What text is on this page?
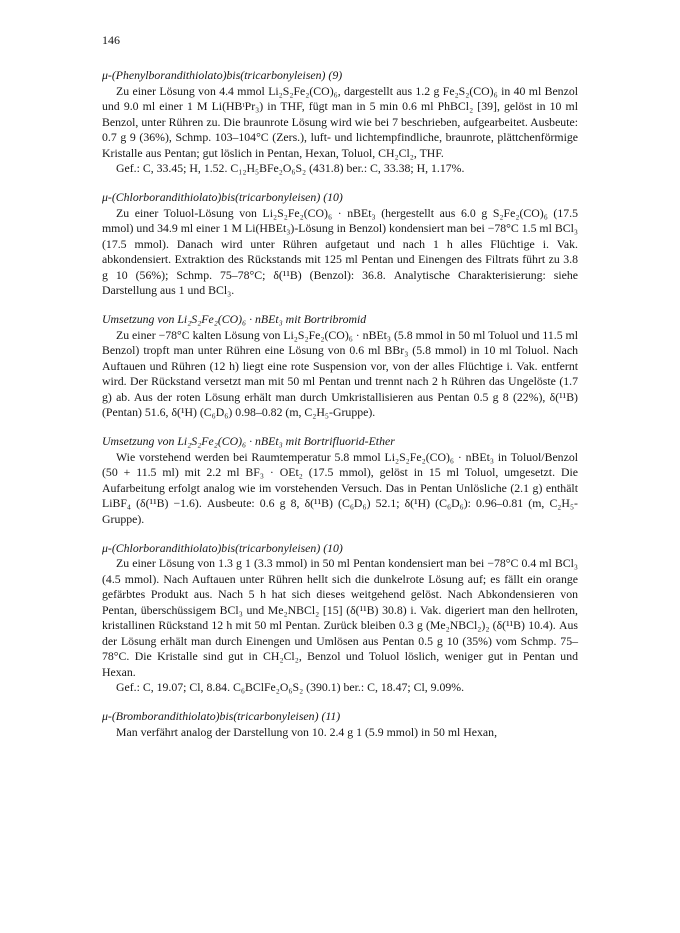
146
μ-(Phenylborandithiolato)bis(tricarbonyleisen) (9)
Zu einer Lösung von 4.4 mmol Li₂S₂Fe₂(CO)₆, dargestellt aus 1.2 g Fe₂S₂(CO)₆ in 40 ml Benzol und 9.0 ml einer 1 M Li(HBᵗPr₃) in THF, fügt man in 5 min 0.6 ml PhBCl₂ [39], gelöst in 10 ml Benzol, unter Rühren zu. Die braunrote Lösung wird wie bei 7 beschrieben, aufgearbeitet. Ausbeute: 0.7 g 9 (36%), Schmp. 103–104°C (Zers.), luft- und lichtempfindliche, braunrote, plättchenförmige Kristalle aus Pentan; gut löslich in Pentan, Hexan, Toluol, CH₂Cl₂, THF.
Gef.: C, 33.45; H, 1.52. C₁₂H₅BFe₂O₆S₂ (431.8) ber.: C, 33.38; H, 1.17%.
μ-(Chlorborandithiolato)bis(tricarbonyleisen) (10)
Zu einer Toluol-Lösung von Li₂S₂Fe₂(CO)₆ · nBEt₃ (hergestellt aus 6.0 g S₂Fe₂(CO)₆ (17.5 mmol) und 34.9 ml einer 1 M Li(HBEt₃)-Lösung in Benzol) kondensiert man bei −78°C 1.5 ml BCl₃ (17.5 mmol). Danach wird unter Rühren aufgetaut und nach 1 h alles Flüchtige i. Vak. abkondensiert. Extraktion des Rückstands mit 125 ml Pentan und Einengen des Filtrats führt zu 3.8 g 10 (56%); Schmp. 75–78°C; δ(¹¹B) (Benzol): 36.8. Analytische Charakterisierung: siehe Darstellung aus 1 und BCl₃.
Umsetzung von Li₂S₂Fe₂(CO)₆ · nBEt₃ mit Bortribromid
Zu einer −78°C kalten Lösung von Li₂S₂Fe₂(CO)₆ · nBEt₃ (5.8 mmol in 50 ml Toluol und 11.5 ml Benzol) tropft man unter Rühren eine Lösung von 0.6 ml BBr₃ (5.8 mmol) in 10 ml Toluol. Nach Auftauen und Rühren (12 h) liegt eine rote Suspension vor, von der alles Flüchtige i. Vak. entfernt wird. Der Rückstand versetzt man mit 50 ml Pentan und trennt nach 2 h Rühren das Ungelöste (1.7 g) ab. Aus der roten Lösung erhält man durch Umkristallisieren aus Pentan 0.5 g 8 (22%), δ(¹¹B) (Pentan) 51.6, δ(¹H) (C₆D₆) 0.98–0.82 (m, C₂H₅-Gruppe).
Umsetzung von Li₂S₂Fe₂(CO)₆ · nBEt₃ mit Bortrifluorid-Ether
Wie vorstehend werden bei Raumtemperatur 5.8 mmol Li₂S₂Fe₂(CO)₆ · nBEt₃ in Toluol/Benzol (50 + 11.5 ml) mit 2.2 ml BF₃ · OEt₂ (17.5 mmol), gelöst in 15 ml Toluol, umgesetzt. Die Aufarbeitung erfolgt analog wie im vorstehenden Versuch. Das in Pentan Unlösliche (2.1 g) enthält LiBF₄ (δ(¹¹B) −1.6). Ausbeute: 0.6 g 8, δ(¹¹B) (C₆D₆) 52.1; δ(¹H) (C₆D₆): 0.96–0.81 (m, C₂H₅-Gruppe).
μ-(Chlorborandithiolato)bis(tricarbonyleisen) (10)
Zu einer Lösung von 1.3 g 1 (3.3 mmol) in 50 ml Pentan kondensiert man bei −78°C 0.4 ml BCl₃ (4.5 mmol). Nach Auftauen unter Rühren hellt sich die dunkelrote Lösung auf; es fällt ein orange gefärbtes Produkt aus. Nach 5 h hat sich dieses weitgehend gelöst. Nach Abkondensieren von Pentan, überschüssigem BCl₃ und Me₂NBCl₂ [15] (δ(¹¹B) 30.8) i. Vak. digeriert man den hellroten, kristallinen Rückstand 12 h mit 50 ml Pentan. Zurück bleiben 0.3 g (Me₂NBCl₂)₂ (δ(¹¹B) 10.4). Aus der Lösung erhält man durch Einengen und Umlösen aus Pentan 0.5 g 10 (35%) vom Schmp. 75–78°C. Die Kristalle sind gut in CH₂Cl₂, Benzol und Toluol löslich, weniger gut in Pentan und Hexan.
Gef.: C, 19.07; Cl, 8.84. C₆BClFe₂O₆S₂ (390.1) ber.: C, 18.47; Cl, 9.09%.
μ-(Bromborandithiolato)bis(tricarbonyleisen) (11)
Man verfährt analog der Darstellung von 10. 2.4 g 1 (5.9 mmol) in 50 ml Hexan,
